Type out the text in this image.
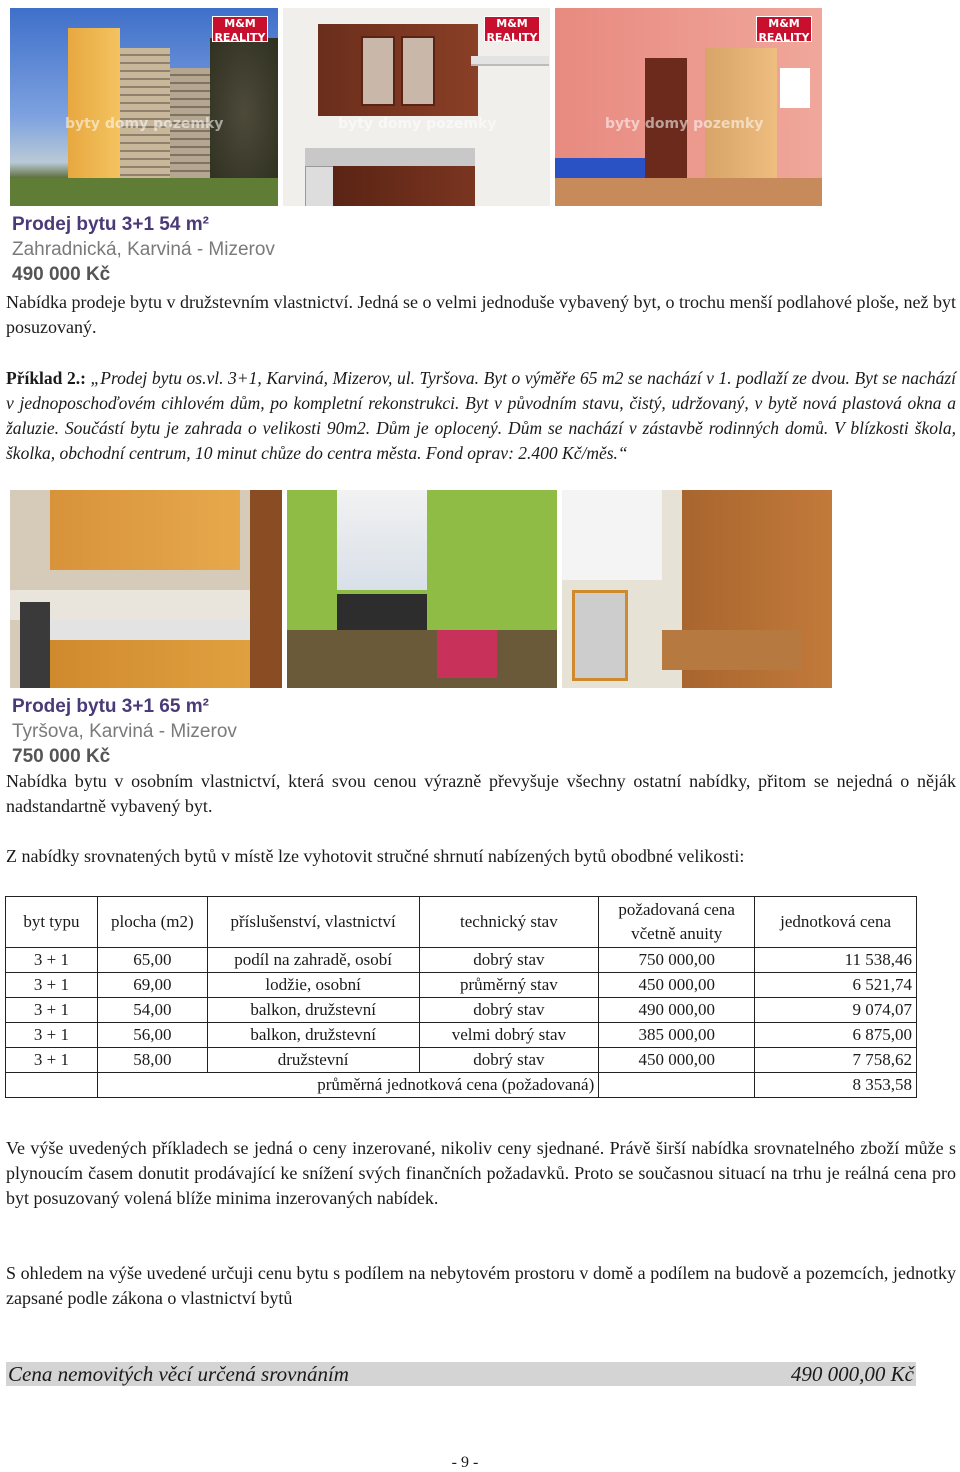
byty domy pozemky
M&M REALITY
byty domy pozemky
M&M REALITY
byty domy pozemky
M&M REALITY
Prodej bytu 3+1 54 m²
Zahradnická, Karviná - Mizerov
490 000 Kč
Nabídka prodeje bytu v družstevním vlastnictví. Jedná se o velmi jednoduše vybavený byt, o trochu menší podlahové ploše, než byt posuzovaný.
Příklad 2.: „Prodej bytu os.vl. 3+1, Karviná, Mizerov, ul. Tyršova. Byt o výměře 65 m2 se nachází v 1. podlaží ze dvou. Byt se nachází v jednoposchoďovém cihlovém dům, po kompletní rekonstrukci. Byt v původním stavu, čistý, udržovaný, v bytě nová plastová okna a žaluzie. Součástí bytu je zahrada o velikosti 90m2. Dům je oplocený. Dům se nachází v zástavbě rodinných domů. V blízkosti škola, školka, obchodní centrum, 10 minut chůze do centra města. Fond oprav: 2.400 Kč/měs.“
Prodej bytu 3+1 65 m²
Tyršova, Karviná - Mizerov
750 000 Kč
Nabídka bytu v osobním vlastnictví, která svou cenou výrazně převyšuje všechny ostatní nabídky, přitom se nejedná o něják nadstandartně vybavený byt.
Z nabídky srovnatených bytů v místě lze vyhotovit stručné shrnutí nabízených bytů obodbné velikosti:
byt typu	plocha (m2)	příslušenství, vlastnictví	technický stav	požadovaná cena včetně anuity	jednotková cena
3 + 1	65,00	podíl na zahradě, osobí	dobrý stav	750 000,00	11 538,46
3 + 1	69,00	lodžie, osobní	průměrný stav	450 000,00	6 521,74
3 + 1	54,00	balkon, družstevní	dobrý stav	490 000,00	9 074,07
3 + 1	56,00	balkon, družstevní	velmi dobrý stav	385 000,00	6 875,00
3 + 1	58,00	družstevní	dobrý stav	450 000,00	7 758,62
	průměrná jednotková cena (požadovaná)				8 353,58
Ve výše uvedených příkladech se jedná o ceny inzerované, nikoliv ceny sjednané. Právě širší nabídka srovnatelného zboží může s plynoucím časem donutit prodávající ke snížení svých finančních požadavků. Proto se současnou situací na trhu je reálná cena pro byt posuzovaný volená blíže minima inzerovaných nabídek.
S ohledem na výše uvedené určuji cenu bytu s podílem na nebytovém prostoru v domě a podílem na budově a pozemcích, jednotky zapsané podle zákona o vlastnictví bytů
Cena nemovitých věcí určená srovnáním	490 000,00 Kč
- 9 -
